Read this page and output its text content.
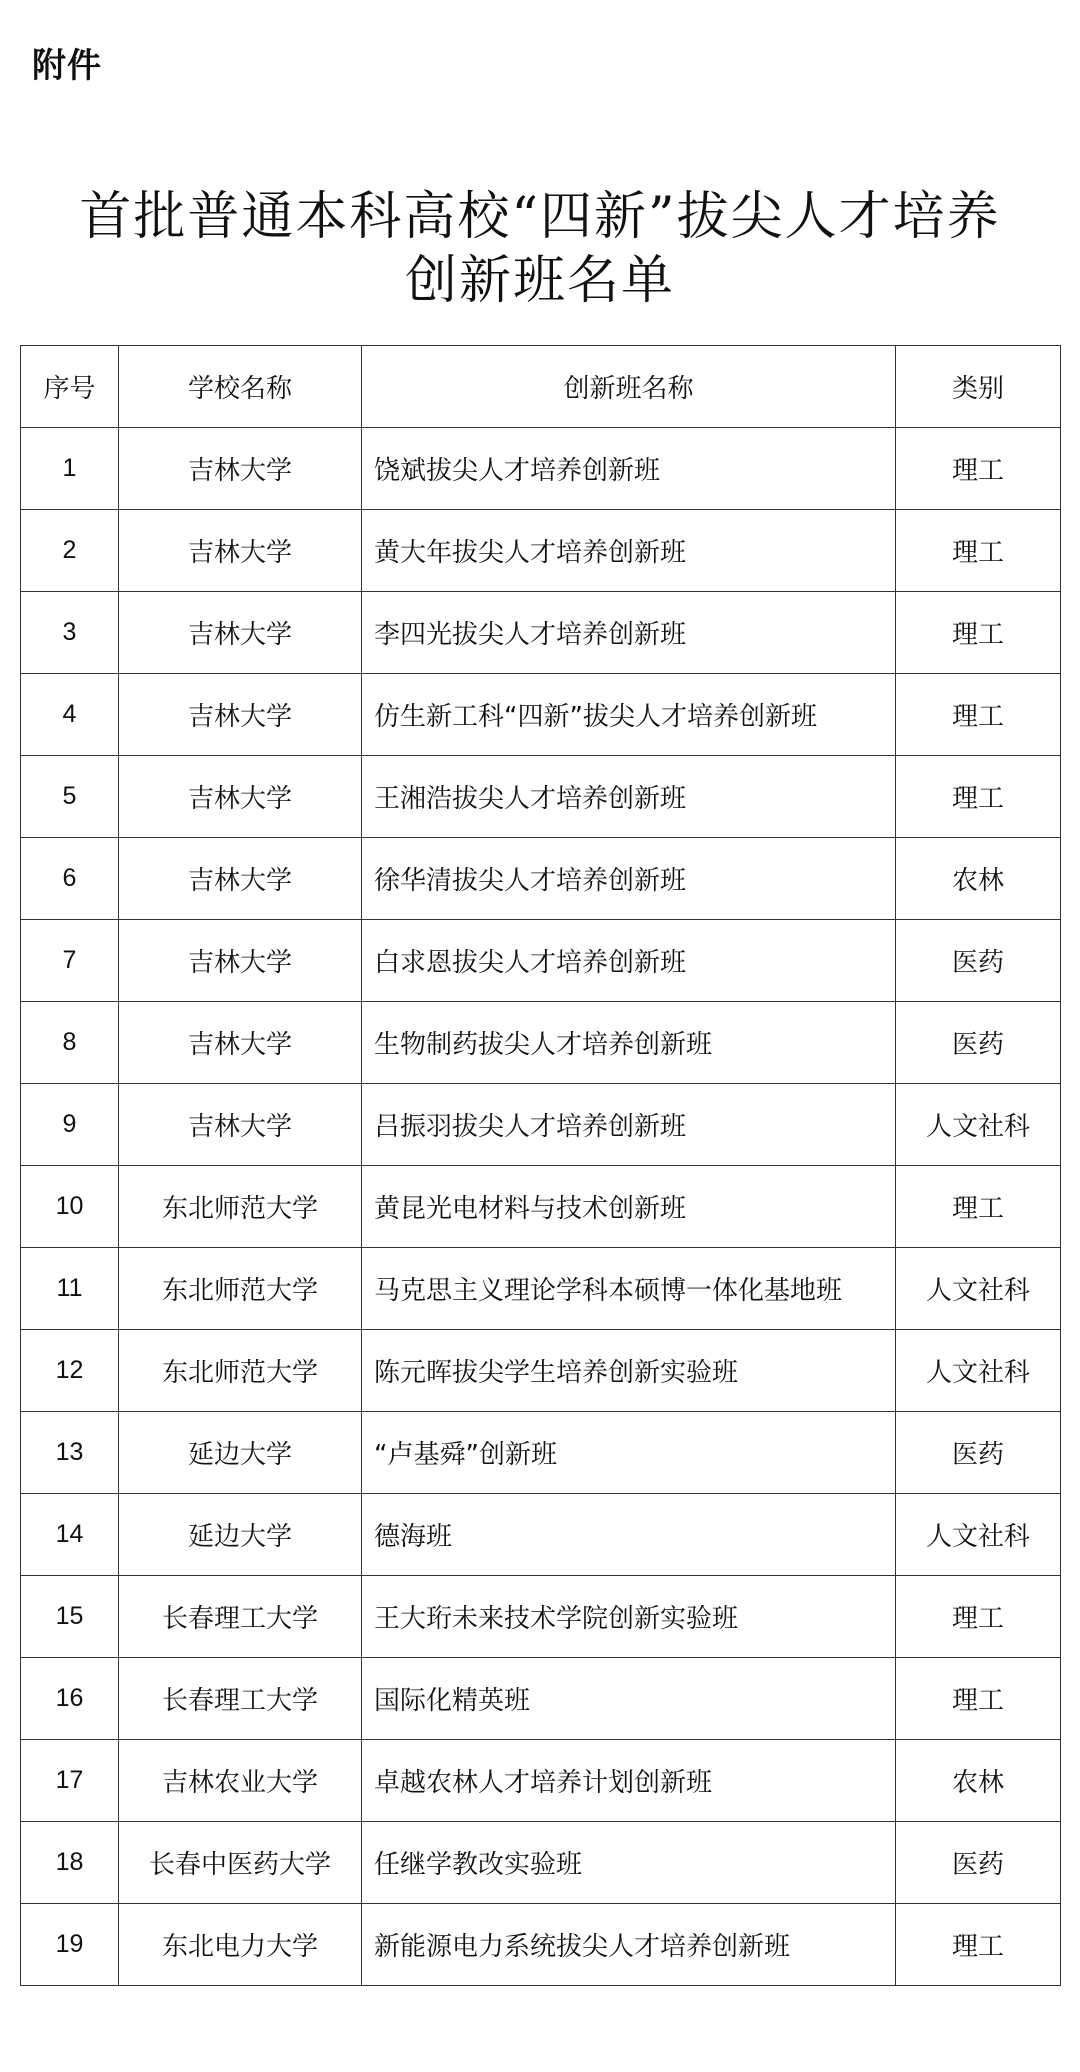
附件
首批普通本科高校“四新”拔尖人才培养
创新班名单
序号	学校名称	创新班名称	类别
1	吉林大学	饶斌拔尖人才培养创新班	理工
2	吉林大学	黄大年拔尖人才培养创新班	理工
3	吉林大学	李四光拔尖人才培养创新班	理工
4	吉林大学	仿生新工科“四新”拔尖人才培养创新班	理工
5	吉林大学	王湘浩拔尖人才培养创新班	理工
6	吉林大学	徐华清拔尖人才培养创新班	农林
7	吉林大学	白求恩拔尖人才培养创新班	医药
8	吉林大学	生物制药拔尖人才培养创新班	医药
9	吉林大学	吕振羽拔尖人才培养创新班	人文社科
10	东北师范大学	黄昆光电材料与技术创新班	理工
11	东北师范大学	马克思主义理论学科本硕博一体化基地班	人文社科
12	东北师范大学	陈元晖拔尖学生培养创新实验班	人文社科
13	延边大学	“卢基舜”创新班	医药
14	延边大学	德海班	人文社科
15	长春理工大学	王大珩未来技术学院创新实验班	理工
16	长春理工大学	国际化精英班	理工
17	吉林农业大学	卓越农林人才培养计划创新班	农林
18	长春中医药大学	任继学教改实验班	医药
19	东北电力大学	新能源电力系统拔尖人才培养创新班	理工
